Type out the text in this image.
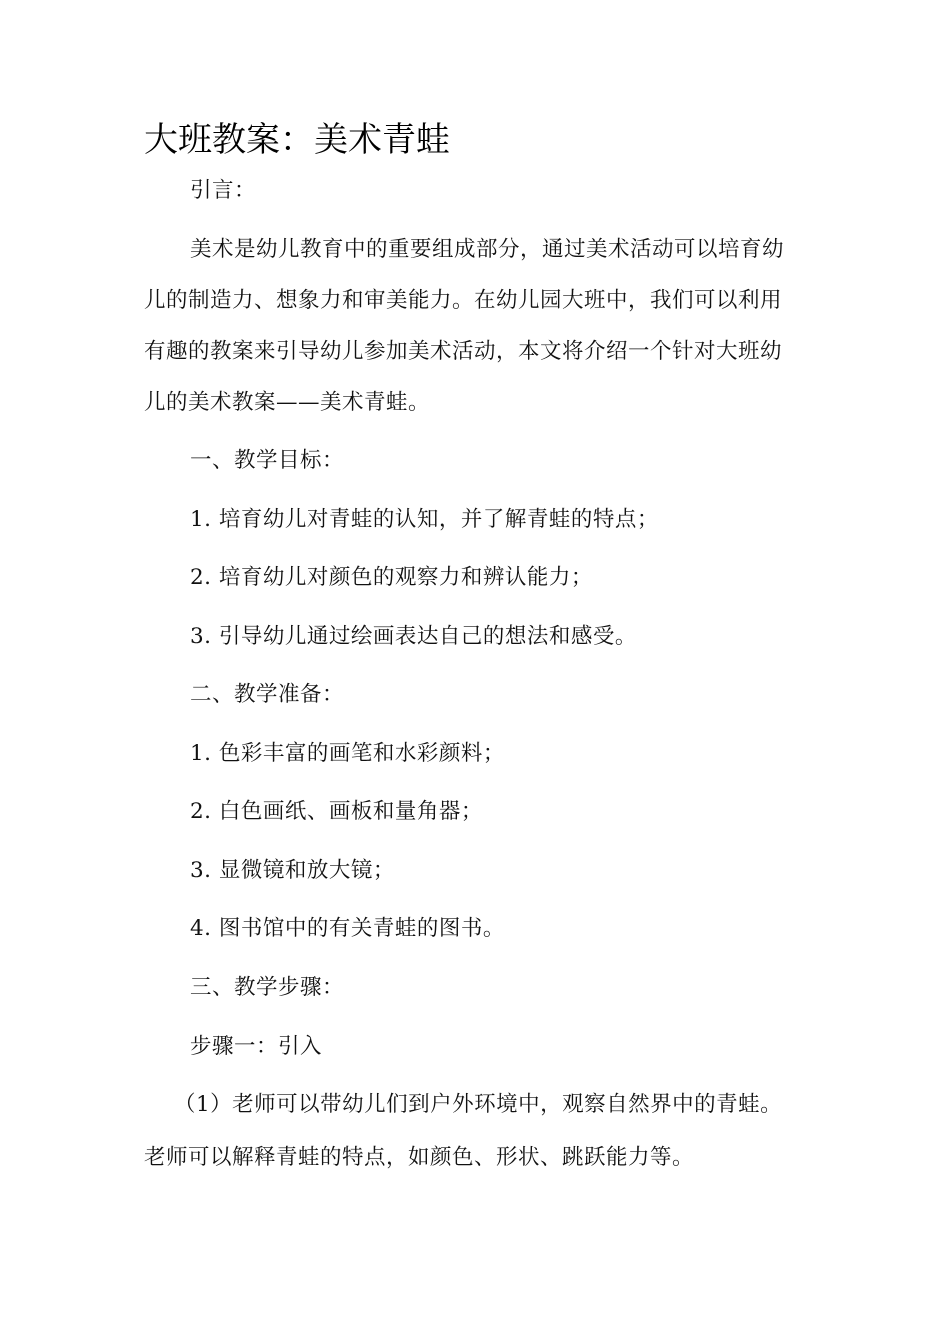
大班教案：美术青蛙
引言：
美术是幼儿教育中的重要组成部分，通过美术活动可以培育幼
儿的制造力、想象力和审美能力。在幼儿园大班中，我们可以利用
有趣的教案来引导幼儿参加美术活动，本文将介绍一个针对大班幼
儿的美术教案——美术青蛙。
一、教学目标：
1. 培育幼儿对青蛙的认知，并了解青蛙的特点；
2. 培育幼儿对颜色的观察力和辨认能力；
3. 引导幼儿通过绘画表达自己的想法和感受。
二、教学准备：
1. 色彩丰富的画笔和水彩颜料；
2. 白色画纸、画板和量角器；
3. 显微镜和放大镜；
4. 图书馆中的有关青蛙的图书。
三、教学步骤：
步骤一：引入
（1）老师可以带幼儿们到户外环境中，观察自然界中的青蛙。
老师可以解释青蛙的特点，如颜色、形状、跳跃能力等。
